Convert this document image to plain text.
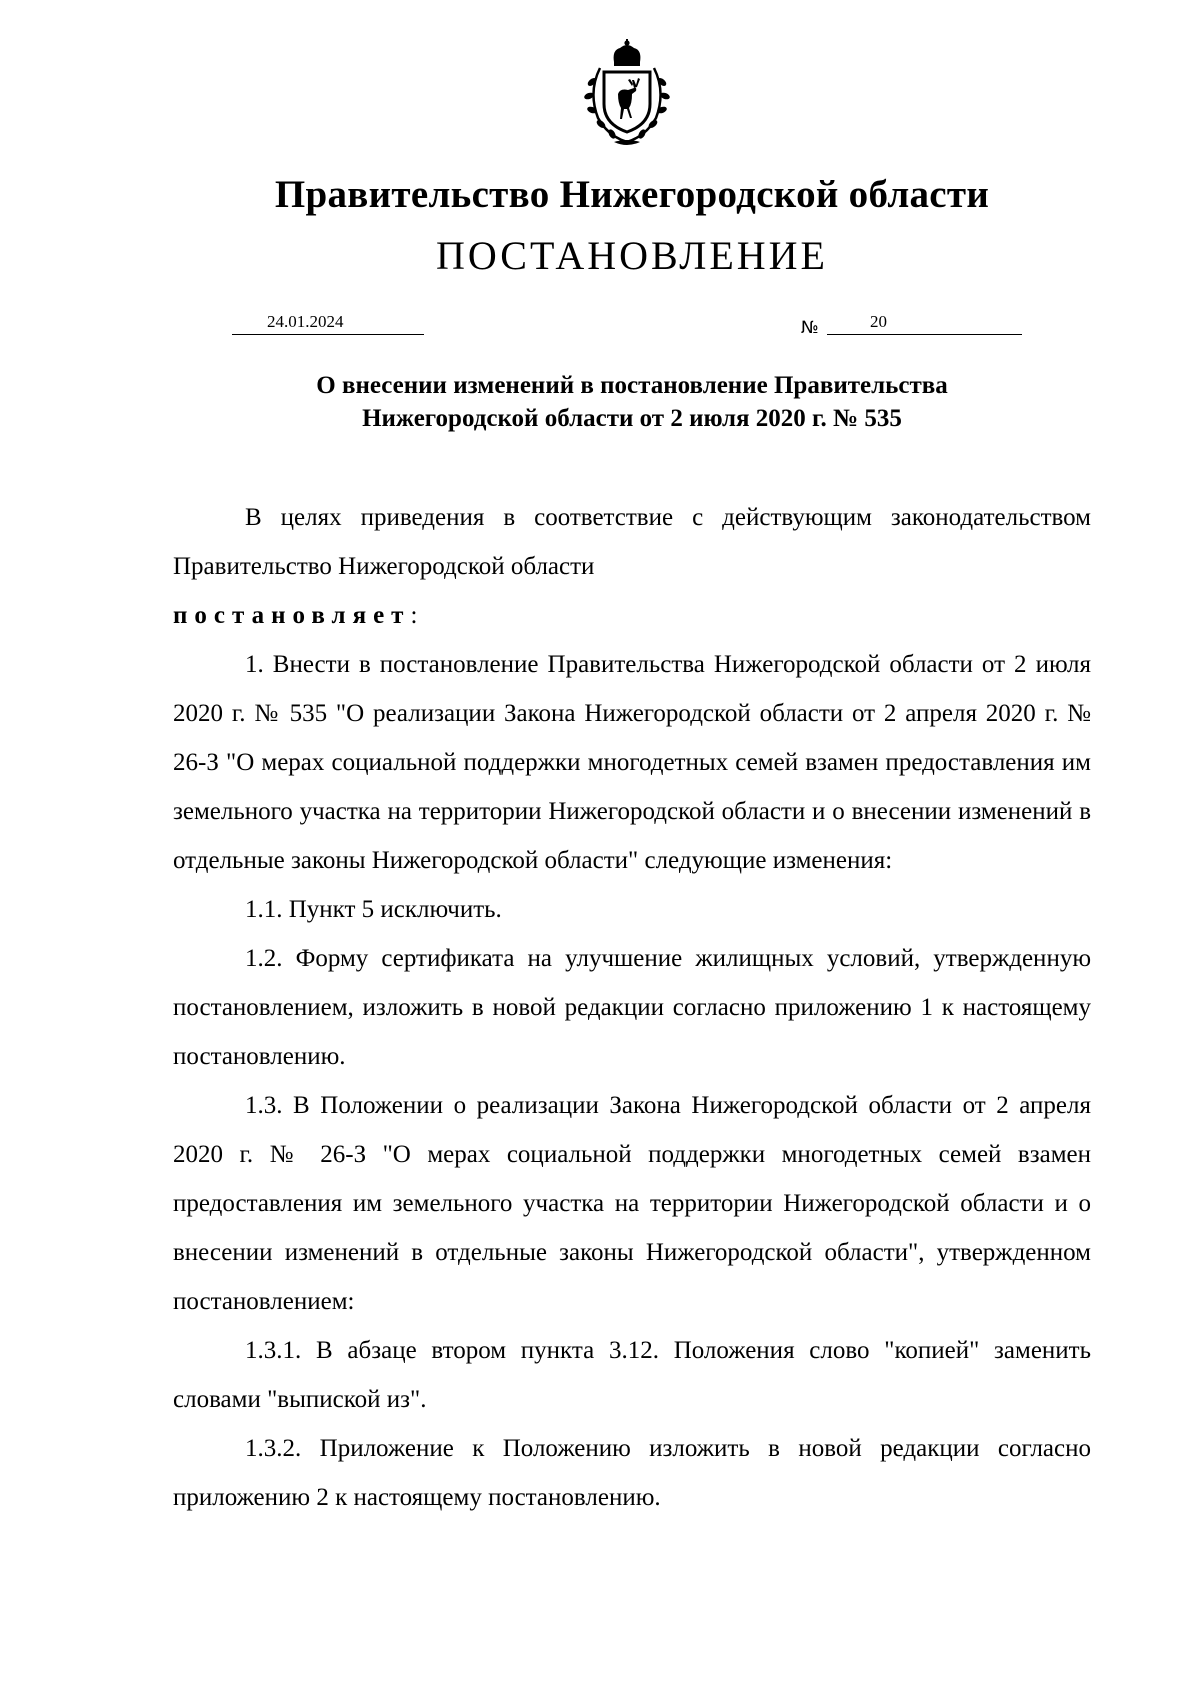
Правительство Нижегородской области
ПОСТАНОВЛЕНИЕ
24.01.2024	№	20
О внесении изменений в постановление Правительства
Нижегородской области от 2 июля 2020 г. № 535

В целях приведения в соответствие с действующим законодательством Правительство Нижегородской области

постановляет:

1. Внести в постановление Правительства Нижегородской области от 2 июля 2020 г. № 535 "О реализации Закона Нижегородской области от 2 апреля 2020 г. № 26-З "О мерах социальной поддержки многодетных семей взамен предоставления им земельного участка на территории Нижегородской области и о внесении изменений в отдельные законы Нижегородской области" следующие изменения:

1.1. Пункт 5 исключить.

1.2. Форму сертификата на улучшение жилищных условий, утвержденную постановлением, изложить в новой редакции согласно приложению 1 к настоящему постановлению.

1.3. В Положении о реализации Закона Нижегородской области от 2 апреля 2020 г. № 26-З "О мерах социальной поддержки многодетных семей взамен предоставления им земельного участка на территории Нижегородской области и о внесении изменений в отдельные законы Нижегородской области", утвержденном постановлением:

1.3.1. В абзаце втором пункта 3.12. Положения слово "копией" заменить словами "выпиской из".

1.3.2. Приложение к Положению изложить в новой редакции согласно приложению 2 к настоящему постановлению.
